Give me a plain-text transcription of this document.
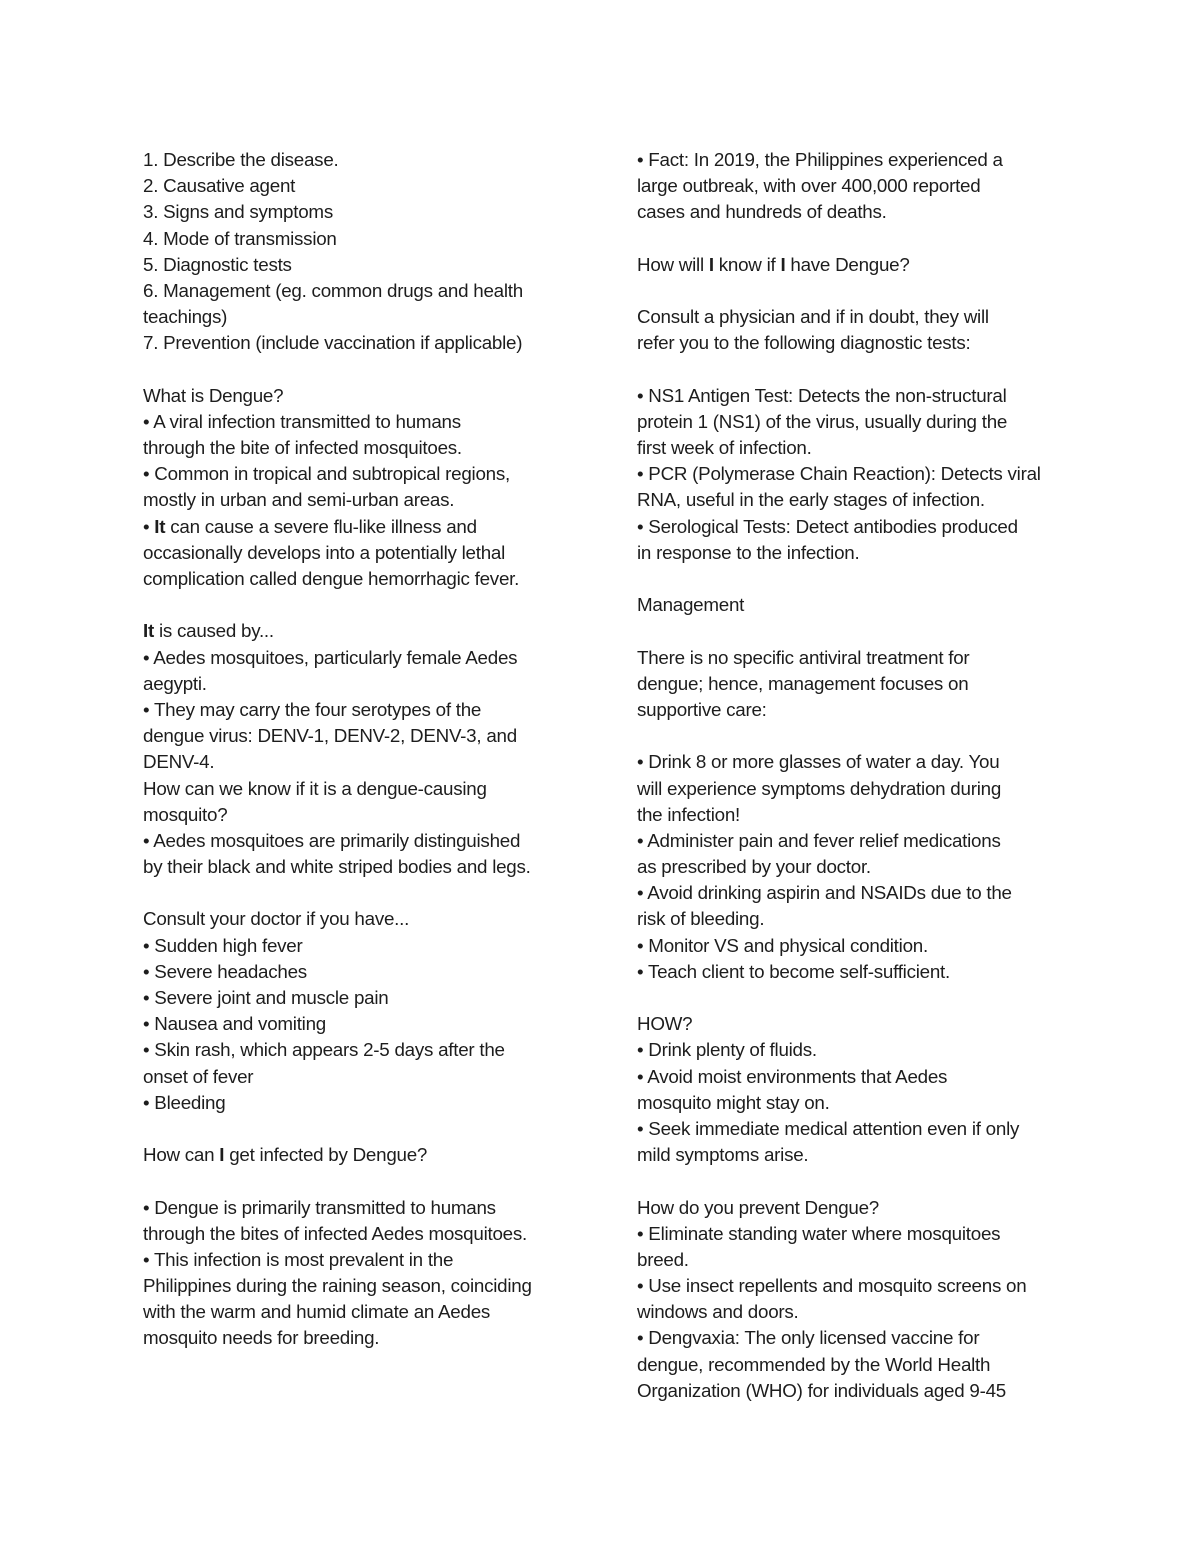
1. Describe the disease.
2. Causative agent
3. Signs and symptoms
4. Mode of transmission
5. Diagnostic tests
6. Management (eg. common drugs and health
teachings)
7. Prevention (include vaccination if applicable)
What is Dengue?
• A viral infection transmitted to humans
through the bite of infected mosquitoes.
• Common in tropical and subtropical regions,
mostly in urban and semi-urban areas.
• It can cause a severe flu-like illness and
occasionally develops into a potentially lethal
complication called dengue hemorrhagic fever.
It is caused by...
• Aedes mosquitoes, particularly female Aedes
aegypti.
• They may carry the four serotypes of the
dengue virus: DENV-1, DENV-2, DENV-3, and
DENV-4.
How can we know if it is a dengue-causing
mosquito?
• Aedes mosquitoes are primarily distinguished
by their black and white striped bodies and legs.
Consult your doctor if you have...
• Sudden high fever
• Severe headaches
• Severe joint and muscle pain
• Nausea and vomiting
• Skin rash, which appears 2-5 days after the
onset of fever
• Bleeding
How can I get infected by Dengue?
• Dengue is primarily transmitted to humans
through the bites of infected Aedes mosquitoes.
• This infection is most prevalent in the
Philippines during the raining season, coinciding
with the warm and humid climate an Aedes
mosquito needs for breeding.
• Fact: In 2019, the Philippines experienced a
large outbreak, with over 400,000 reported
cases and hundreds of deaths.
How will I know if I have Dengue?
Consult a physician and if in doubt, they will
refer you to the following diagnostic tests:
• NS1 Antigen Test: Detects the non-structural
protein 1 (NS1) of the virus, usually during the
first week of infection.
• PCR (Polymerase Chain Reaction): Detects viral
RNA, useful in the early stages of infection.
• Serological Tests: Detect antibodies produced
in response to the infection.
Management
There is no specific antiviral treatment for
dengue; hence, management focuses on
supportive care:
• Drink 8 or more glasses of water a day. You
will experience symptoms dehydration during
the infection!
• Administer pain and fever relief medications
as prescribed by your doctor.
• Avoid drinking aspirin and NSAIDs due to the
risk of bleeding.
• Monitor VS and physical condition.
• Teach client to become self-sufficient.
HOW?
• Drink plenty of fluids.
• Avoid moist environments that Aedes
mosquito might stay on.
• Seek immediate medical attention even if only
mild symptoms arise.
How do you prevent Dengue?
• Eliminate standing water where mosquitoes
breed.
• Use insect repellents and mosquito screens on
windows and doors.
• Dengvaxia: The only licensed vaccine for
dengue, recommended by the World Health
Organization (WHO) for individuals aged 9-45
